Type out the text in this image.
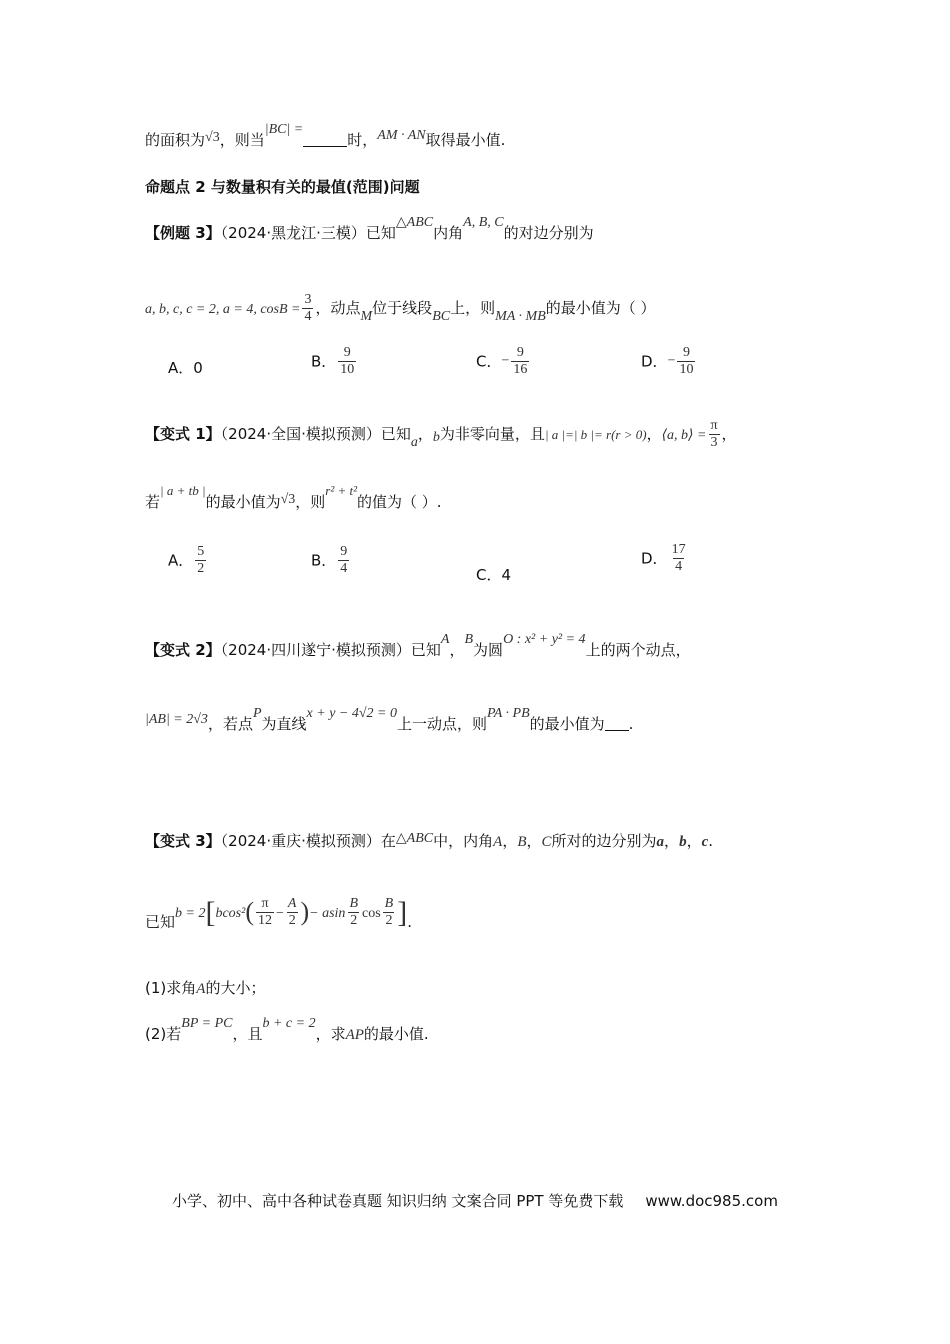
的面积为√3，则当|BC| =时，AM · AN取得最小值.
命题点 2 与数量积有关的最值(范围)问题
【例题 3】（2024·黑龙江·三模）已知△ABC内角A, B, C的对边分别为
a, b, c, c = 2, a = 4, $\cos B = \frac{3}{4}$ ，动点M位于线段BC上，则MA · MB的最小值为（ ）
A．0	B． $\frac{9}{10}$	C．− $\frac{9}{16}$	D．− $\frac{9}{10}$
【变式 1】（2024·全国·模拟预测）已知a，b为非零向量，且| a |=| b |= r(r > 0)，⟨a, b⟩ = $\frac{\pi}{3}$ ，
若| a + tb |的最小值为√3，则r² + t²的值为（ ）.
A． $\frac{5}{2}$	B． $\frac{9}{4}$	C．4
D． $\frac{17}{4}$
【变式 2】（2024·四川遂宁·模拟预测）已知A，B为圆O : x² + y² = 4上的两个动点，
|AB| = 2√3，若点P为直线x + y − 4√2 = 0上一动点，则PA · PB的最小值为 .
【变式 3】（2024·重庆·模拟预测）在△ABC中，内角A，B，C所对的边分别为a，b，c.
已知$b = 2[bcos^2( \frac{\pi}{12} - \frac{A}{2}$ )− asin $\frac{B}{2}$ $\cos \frac{B}{2}$ ].
(1)求角A的大小；
(2)若BP = PC，且b + c = 2，求AP的最小值.
小学、初中、高中各种试卷真题 知识归纳 文案合同 PPT 等免费下载 www.doc985.com
